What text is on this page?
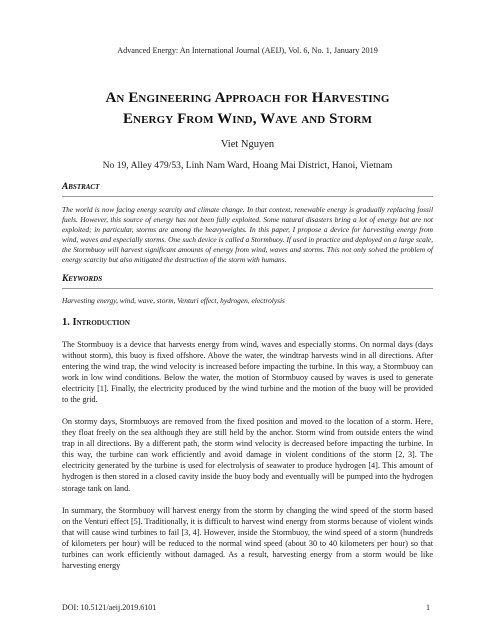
Advanced Energy: An International Journal (AEIJ), Vol. 6, No. 1, January 2019
An Engineering Approach for Harvesting
Energy From Wind, Wave and Storm
Viet Nguyen
No 19, Alley 479/53, Linh Nam Ward, Hoang Mai District, Hanoi, Vietnam
Abstract
The world is now facing energy scarcity and climate change. In that context, renewable energy is gradually replacing fossil fuels. However, this source of energy has not been fully exploited. Some natural disasters bring a lot of energy but are not exploited; in particular, storms are among the heavyweights. In this paper, I propose a device for harvesting energy from wind, waves and especially storms. One such device is called a Stormbuoy. If used in practice and deployed on a large scale, the Stormbuoy will harvest significant amounts of energy from wind, waves and storms. This not only solved the problem of energy scarcity but also mitigated the destruction of the storm with humans.
Keywords
Harvesting energy, wind, wave, storm, Venturi effect, hydrogen, electrolysis
1. Introduction
The Stormbuoy is a device that harvests energy from wind, waves and especially storms. On normal days (days without storm), this buoy is fixed offshore. Above the water, the windtrap harvests wind in all directions. After entering the wind trap, the wind velocity is increased before impacting the turbine. In this way, a Stormbuoy can work in low wind conditions. Below the water, the motion of Stormbuoy caused by waves is used to generate electricity [1]. Finally, the electricity produced by the wind turbine and the motion of the buoy will be provided to the grid.
On stormy days, Stormbuoys are removed from the fixed position and moved to the location of a storm. Here, they float freely on the sea although they are still held by the anchor. Storm wind from outside enters the wind trap in all directions. By a different path, the storm wind velocity is decreased before impacting the turbine. In this way, the turbine can work efficiently and avoid damage in violent conditions of the storm [2, 3]. The electricity generated by the turbine is used for electrolysis of seawater to produce hydrogen [4]. This amount of hydrogen is then stored in a closed cavity inside the buoy body and eventually will be pumped into the hydrogen storage tank on land.
In summary, the Stormbuoy will harvest energy from the storm by changing the wind speed of the storm based on the Venturi effect [5]. Traditionally, it is difficult to harvest wind energy from storms because of violent winds that will cause wind turbines to fail [3, 4]. However, inside the Stormbuoy, the wind speed of a storm (hundreds of kilometers per hour) will be reduced to the normal wind speed (about 30 to 40 kilometers per hour) so that turbines can work efficiently without damaged. As a result, harvesting energy from a storm would be like harvesting energy
DOI: 10.5121/aeij.2019.6101	1
